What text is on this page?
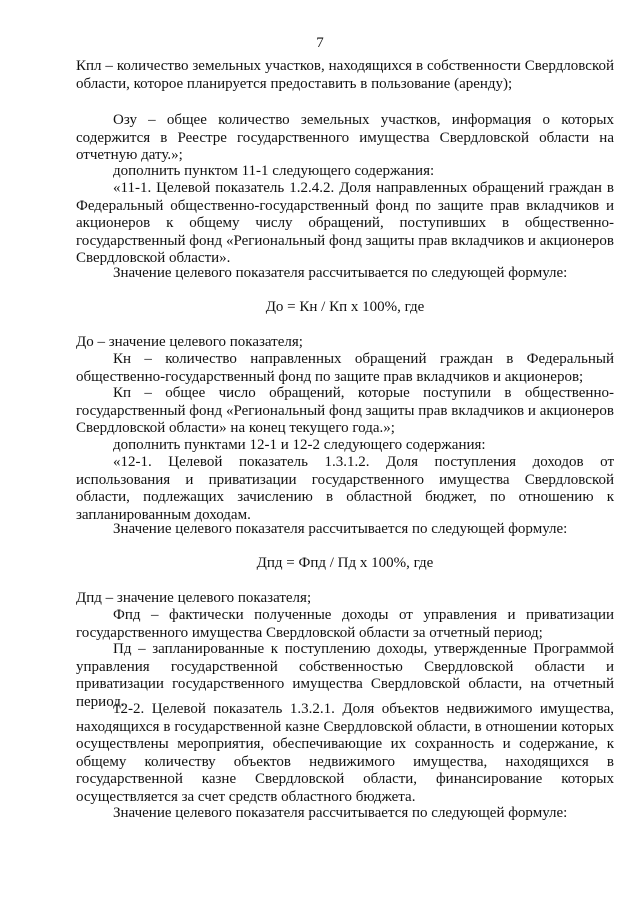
7

Кпл – количество земельных участков, находящихся в собственности Свердловской области, которое планируется предоставить в пользование (аренду);

Озу – общее количество земельных участков, информация о которых содержится в Реестре государственного имущества Свердловской области на отчетную дату.»;

дополнить пунктом 11-1 следующего содержания:

«11-1. Целевой показатель 1.2.4.2. Доля направленных обращений граждан в Федеральный общественно-государственный фонд по защите прав вкладчиков и акционеров к общему числу обращений, поступивших в общественно-государственный фонд «Региональный фонд защиты прав вкладчиков и акционеров Свердловской области».

Значение целевого показателя рассчитывается по следующей формуле:

До = Кн / Кп х 100%, где

До – значение целевого показателя;

Кн – количество направленных обращений граждан в Федеральный общественно-государственный фонд по защите прав вкладчиков и акционеров;

Кп – общее число обращений, которые поступили в общественно-государственный фонд «Региональный фонд защиты прав вкладчиков и акционеров Свердловской области» на конец текущего года.»;

дополнить пунктами 12-1 и 12-2 следующего содержания:

«12-1. Целевой показатель 1.3.1.2. Доля поступления доходов от использования и приватизации государственного имущества Свердловской области, подлежащих зачислению в областной бюджет, по отношению к запланированным доходам.

Значение целевого показателя рассчитывается по следующей формуле:

Дпд = Фпд / Пд х 100%, где

Дпд – значение целевого показателя;

Фпд – фактически полученные доходы от управления и приватизации государственного имущества Свердловской области за отчетный период;

Пд – запланированные к поступлению доходы, утвержденные Программой управления государственной собственностью Свердловской области и приватизации государственного имущества Свердловской области, на отчетный период.

12-2. Целевой показатель 1.3.2.1. Доля объектов недвижимого имущества, находящихся в государственной казне Свердловской области, в отношении которых осуществлены мероприятия, обеспечивающие их сохранность и содержание, к общему количеству объектов недвижимого имущества, находящихся в государственной казне Свердловской области, финансирование которых осуществляется за счет средств областного бюджета.

Значение целевого показателя рассчитывается по следующей формуле:
